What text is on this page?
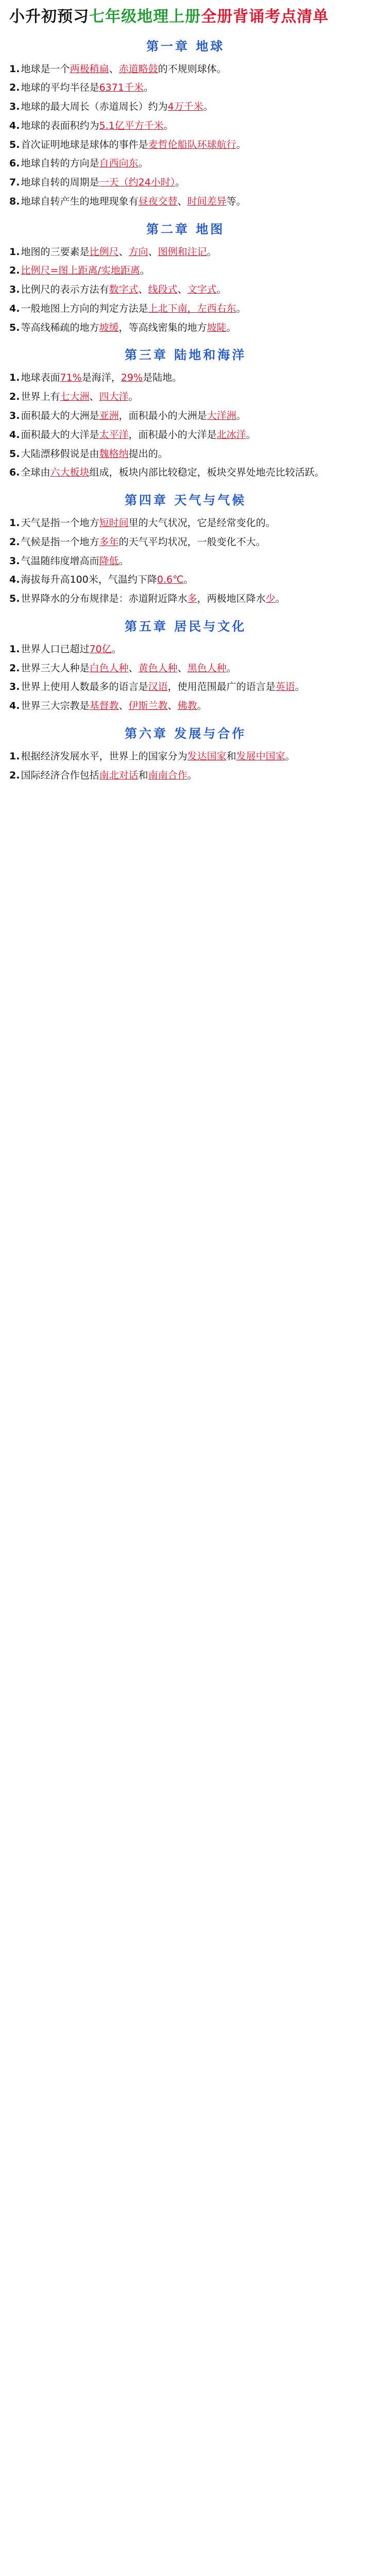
小升初预习七年级地理上册全册背诵考点清单
第一章 地球

1. 地球是一个两极稍扁、赤道略鼓的不规则球体。

2. 地球的平均半径是6371千米。

3. 地球的最大周长（赤道周长）约为4万千米。

4. 地球的表面积约为5.1亿平方千米。

5. 首次证明地球是球体的事件是麦哲伦船队环球航行。

6. 地球自转的方向是自西向东。

7. 地球自转的周期是一天（约24小时）。

8. 地球自转产生的地理现象有昼夜交替、时间差异等。

第二章 地图

1. 地图的三要素是比例尺、方向、图例和注记。

2. 比例尺=图上距离/实地距离。

3. 比例尺的表示方法有数字式、线段式、文字式。

4. 一般地图上方向的判定方法是上北下南，左西右东。

5. 等高线稀疏的地方坡缓，等高线密集的地方坡陡。

第三章 陆地和海洋

1. 地球表面71%是海洋，29%是陆地。

2. 世界上有七大洲、四大洋。

3. 面积最大的大洲是亚洲，面积最小的大洲是大洋洲。

4. 面积最大的大洋是太平洋，面积最小的大洋是北冰洋。

5. 大陆漂移假说是由魏格纳提出的。

6. 全球由六大板块组成，板块内部比较稳定，板块交界处地壳比较活跃。

第四章 天气与气候

1. 天气是指一个地方短时间里的大气状况，它是经常变化的。

2. 气候是指一个地方多年的天气平均状况，一般变化不大。

3. 气温随纬度增高而降低。

4. 海拔每升高100米，气温约下降0.6℃。

5. 世界降水的分布规律是：赤道附近降水多，两极地区降水少。

第五章 居民与文化

1. 世界人口已超过70亿。

2. 世界三大人种是白色人种、黄色人种、黑色人种。

3. 世界上使用人数最多的语言是汉语，使用范围最广的语言是英语。

4. 世界三大宗教是基督教、伊斯兰教、佛教。

第六章 发展与合作

1. 根据经济发展水平，世界上的国家分为发达国家和发展中国家。

2. 国际经济合作包括南北对话和南南合作。
